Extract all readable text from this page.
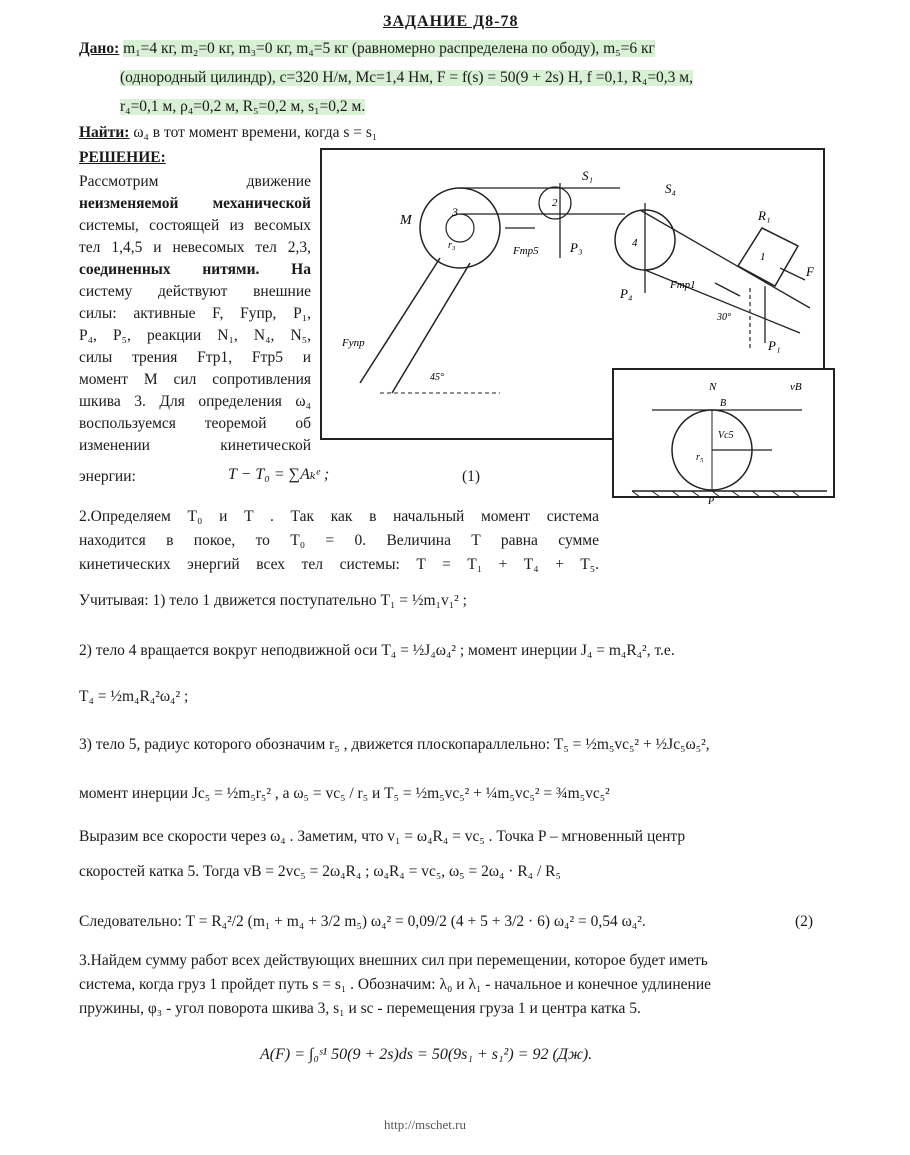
ЗАДАНИЕ Д8-78
Дано: m₁=4 кг, m₂=0 кг, m₃=0 кг, m₄=5 кг (равномерно распределена по ободу), m₅=6 кг
(однородный цилиндр), c=320 Н/м, Mc=1,4 Нм, F = f(s) = 50(9 + 2s) Н, f =0,1, R₄=0,3 м,
r₄=0,1 м, ρ₄=0,2 м, R₅=0,2 м, s₁=0,2 м.
Найти: ω₄ в тот момент времени, когда s = s₁
РЕШЕНИЕ:
Рассмотрим движение
неизменяемой механической
системы, состоящей из весомых
тел 1,4,5 и невесомых тел 2,3,
соединенных нитями. На
систему действуют внешние
силы: активные F, Fупр, P₁,
P₄, P₅, реакции N₁, N₄, N₅,
силы трения Fтр1, Fтр5 и
момент M сил сопротивления
шкива 3. Для определения ω₄
воспользуемся теоремой об
изменении кинетической
энергии:	T − T₀ = ∑Aₖᵉ ;	(1)
M
3
r₃
2
S₁
Fтр5 P₃
S₄
4
P₄
Fтр1
R₁
1
F
30°
P₁
Fупр
45°
N	vB
Vc5
r₅
B
P
2.Определяем T₀ и T . Так как в начальный момент система
находится в покое, то T₀ = 0. Величина T равна сумме
кинетических энергий всех тел системы: T = T₁ + T₄ + T₅.
Учитывая: 1) тело 1 движется поступательно T₁ = ½m₁v₁² ;
2) тело 4 вращается вокруг неподвижной оси T₄ = ½J₄ω₄² ; момент инерции J₄ = m₄R₄², т.е.
T₄ = ½m₄R₄²ω₄² ;
3) тело 5, радиус которого обозначим r₅ , движется плоскопараллельно: T₅ = ½m₅vc₅² + ½Jc₅ω₅²,
момент инерции Jc₅ = ½m₅r₅² , а ω₅ = vc₅ / r₅ и T₅ = ½m₅vc₅² + ¼m₅vc₅² = ¾m₅vc₅²
Выразим все скорости через ω₄ . Заметим, что v₁ = ω₄R₄ = vc₅ . Точка P – мгновенный центр
скоростей катка 5. Тогда vB = 2vc₅ = 2ω₄R₄ ; ω₄R₄ = vc₅, ω₅ = 2ω₄ · R₄ / R₅
Следовательно: T = R₄²/2 (m₁ + m₄ + 3/2 m₅) ω₄² = 0,09/2 (4 + 5 + 3/2 · 6) ω₄² = 0,54 ω₄².	(2)
3.Найдем сумму работ всех действующих внешних сил при перемещении, которое будет иметь
система, когда груз 1 пройдет путь s = s₁ . Обозначим: λ₀ и λ₁ - начальное и конечное удлинение
пружины, φ₃ - угол поворота шкива 3, s₁ и sc - перемещения груза 1 и центра катка 5.
A(F) = ∫₀ˢ¹ 50(9 + 2s)ds = 50(9s₁ + s₁²) = 92 (Дж).
http://mschet.ru
